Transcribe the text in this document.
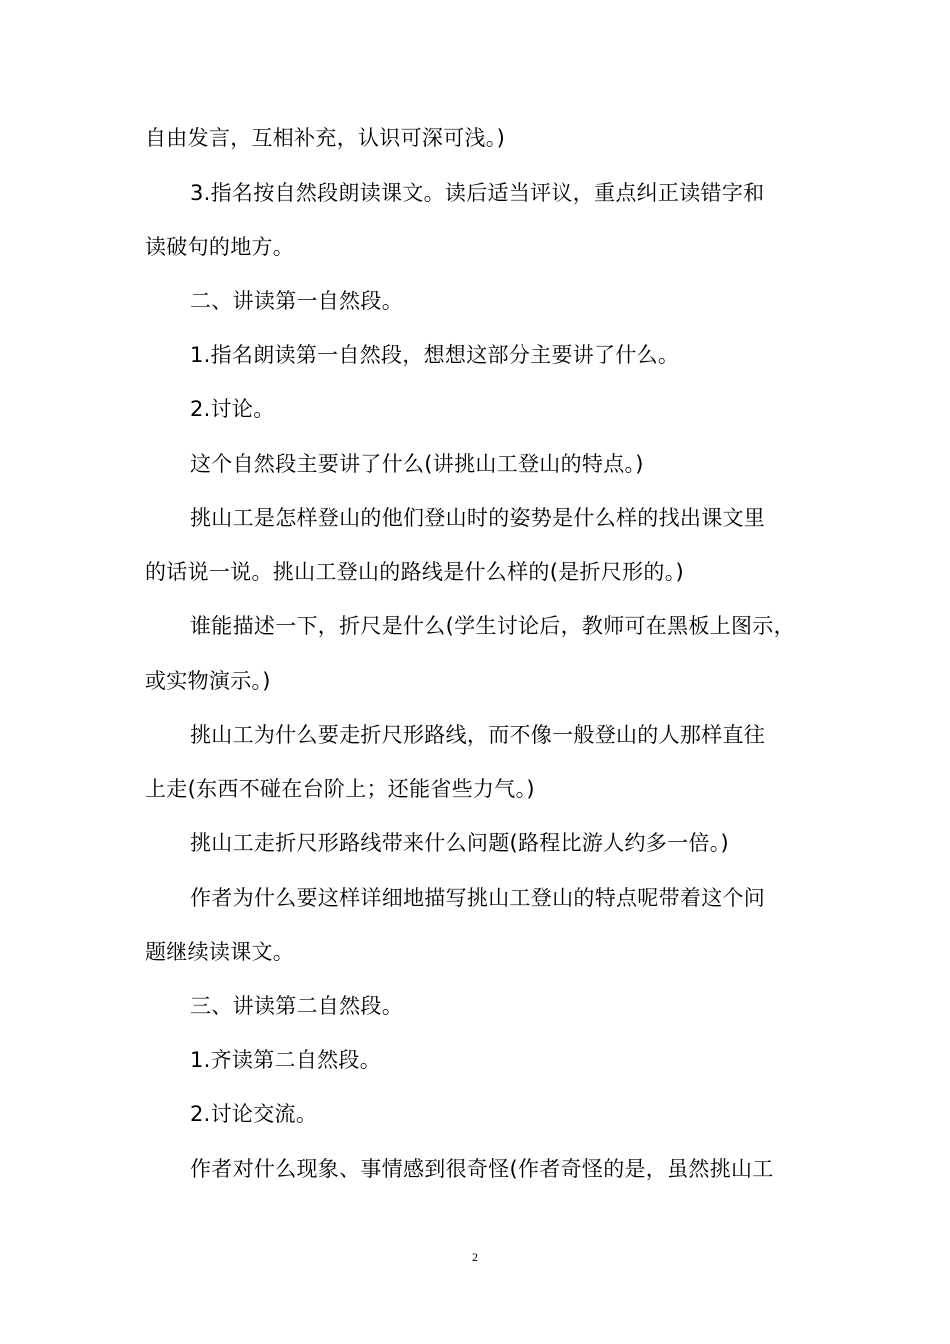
自由发言，互相补充，认识可深可浅。)
3.指名按自然段朗读课文。读后适当评议，重点纠正读错字和
读破句的地方。
二、讲读第一自然段。
1.指名朗读第一自然段，想想这部分主要讲了什么。
2.讨论。
这个自然段主要讲了什么(讲挑山工登山的特点。)
挑山工是怎样登山的他们登山时的姿势是什么样的找出课文里
的话说一说。挑山工登山的路线是什么样的(是折尺形的。)
谁能描述一下，折尺是什么(学生讨论后，教师可在黑板上图示，
或实物演示。)
挑山工为什么要走折尺形路线，而不像一般登山的人那样直往
上走(东西不碰在台阶上；还能省些力气。)
挑山工走折尺形路线带来什么问题(路程比游人约多一倍。)
作者为什么要这样详细地描写挑山工登山的特点呢带着这个问
题继续读课文。
三、讲读第二自然段。
1.齐读第二自然段。
2.讨论交流。
作者对什么现象、事情感到很奇怪(作者奇怪的是，虽然挑山工
2
